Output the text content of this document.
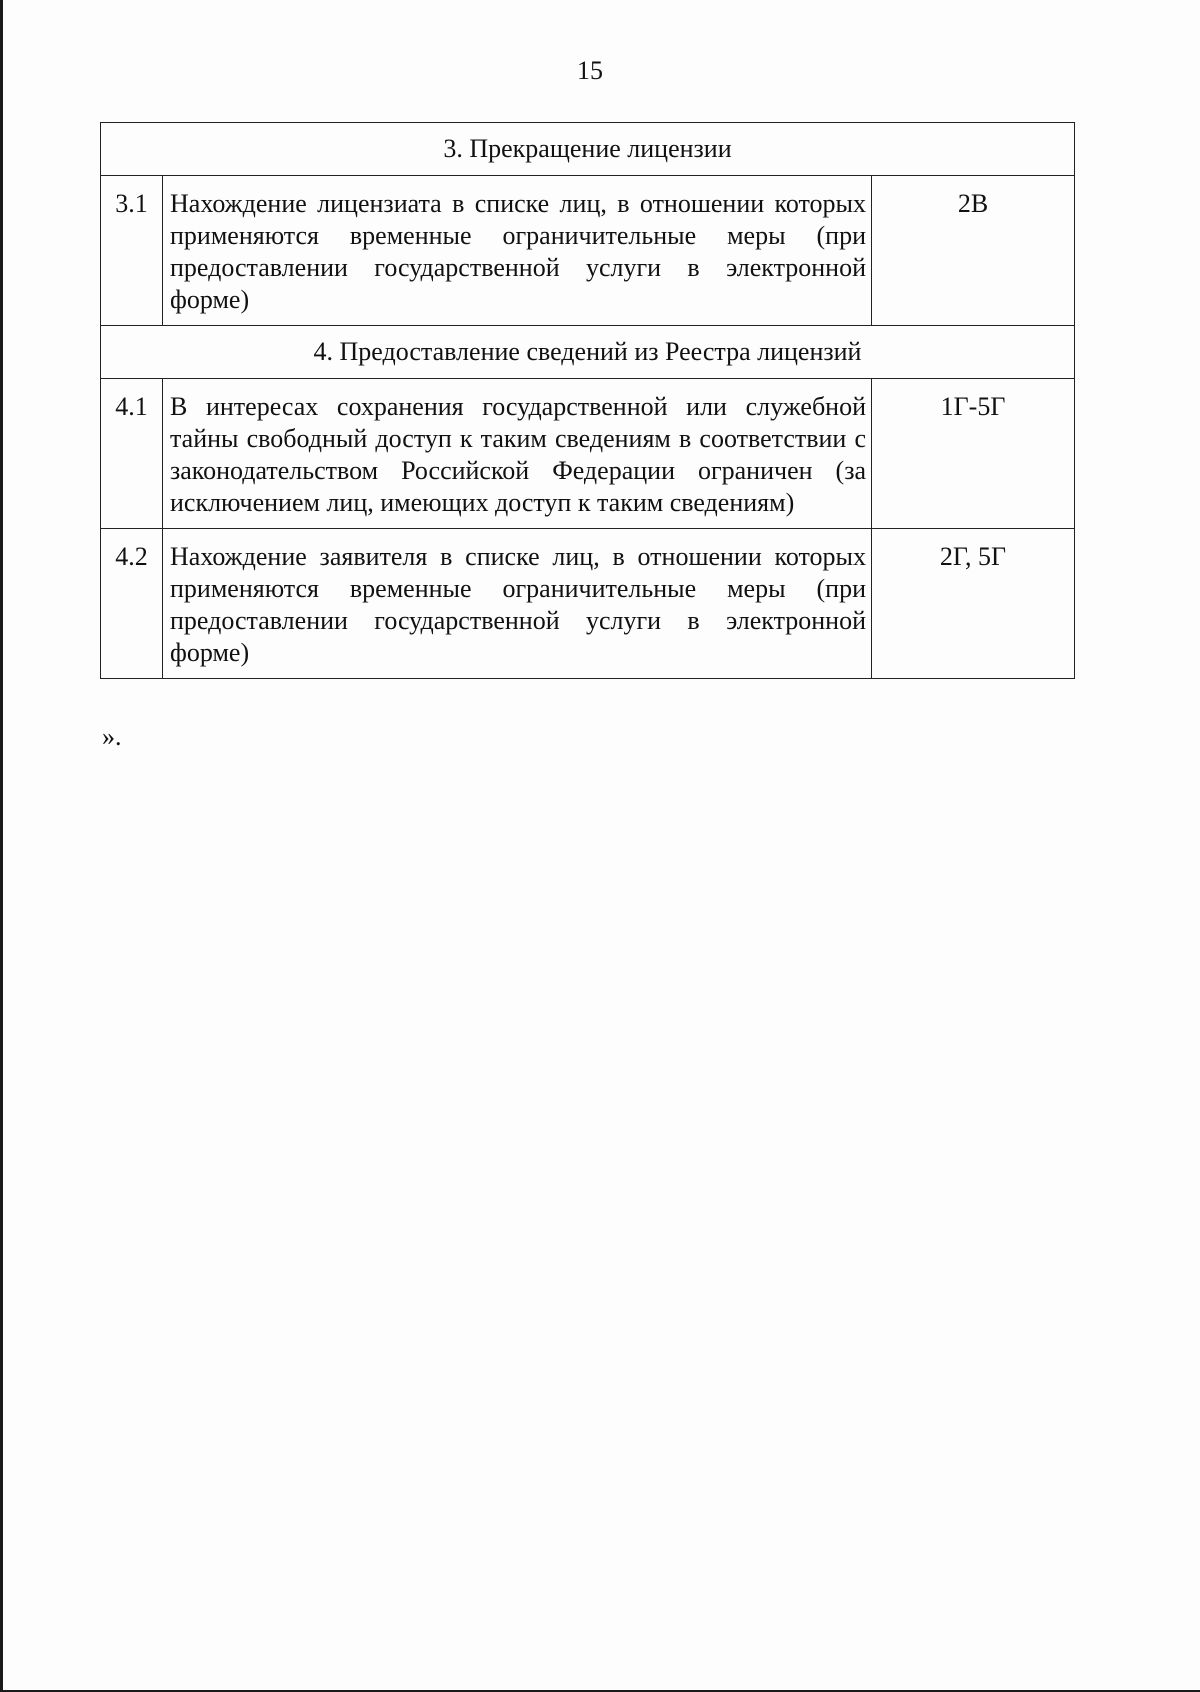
15
3. Прекращение лицензии		
3.1	Нахождение лицензиата в списке лиц, в отношении которых применяются временные ограничительные меры (при предоставлении государственной услуги в электронной форме)	2В
4. Предоставление сведений из Реестра лицензий		
4.1	В интересах сохранения государственной или служебной тайны свободный доступ к таким сведениям в соответствии с законодательством Российской Федерации ограничен (за исключением лиц, имеющих доступ к таким сведениям)	1Г-5Г
4.2	Нахождение заявителя в списке лиц, в отношении которых применяются временные ограничительные меры (при предоставлении государственной услуги в электронной форме)	2Г, 5Г
».
